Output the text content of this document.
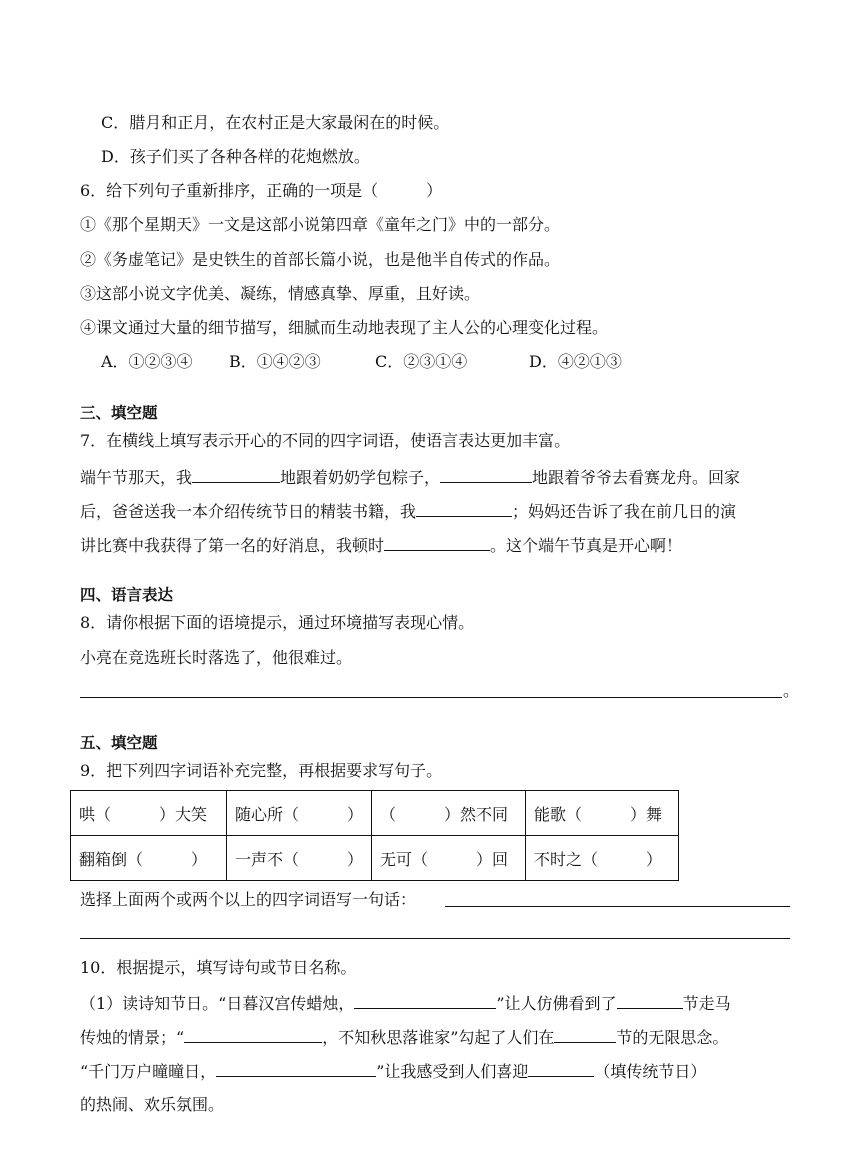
C．腊月和正月，在农村正是大家最闲在的时候。
D．孩子们买了各种各样的花炮燃放。
6．给下列句子重新排序，正确的一项是（　　　）
①《那个星期天》一文是这部小说第四章《童年之门》中的一部分。
②《务虚笔记》是史铁生的首部长篇小说，也是他半自传式的作品。
③这部小说文字优美、凝练，情感真挚、厚重，且好读。
④课文通过大量的细节描写，细腻而生动地表现了主人公的心理变化过程。
A．①②③④ B．①④②③	C．②③①④	D．④②①③
三、填空题
7．在横线上填写表示开心的不同的四字词语，使语言表达更加丰富。
端午节那天，我	地跟着奶奶学包粽子，	地跟着爷爷去看赛龙舟。回家
后，爸爸送我一本介绍传统节日的精装书籍，我	；妈妈还告诉了我在前几日的演
讲比赛中我获得了第一名的好消息，我顿时	。这个端午节真是开心啊！
四、语言表达
8．请你根据下面的语境提示，通过环境描写表现心情。
小亮在竞选班长时落选了，他很难过。
。
五、填空题
9．把下列四字词语补充完整，再根据要求写句子。
哄（　　　）大笑	随心所（　　　）	（　　　）然不同	能歌（　　　）舞
翻箱倒（　　　）	一声不（　　　）	无可（　　　）回	不时之（　　　）
选择上面两个或两个以上的四字词语写一句话：
10．根据提示，填写诗句或节日名称。
（1）读诗知节日。“日暮汉宫传蜡烛，	”让人仿佛看到了	节走马
传烛的情景；“	，不知秋思落谁家”勾起了人们在	节的无限思念。
“千门万户曈曈日，	”让我感受到人们喜迎	（填传统节日）
的热闹、欢乐氛围。
